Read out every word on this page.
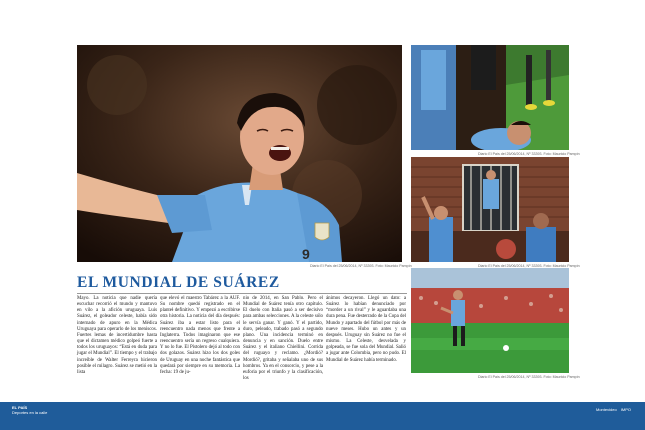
9
Diario El País del 25/06/2014, Nº 33393. Foto: Mauricio Pampín
EL MUNDIAL DE SUÁREZ

Mayo. La noticia que nadie quería escuchar recorrió el mundo y mantuvo en vilo a la afición uruguaya. Luis Suárez, el goleador celeste, había sido internado de apuro en la Médica Uruguaya para operarlo de los meniscos. Fuertes lemas de incertidumbre hasta que el dictamen médico golpeó fuerte a todos los uruguayos: “Está en duda para jugar el Mundial”. El tiempo y el trabajo increíble de Walter Ferreyra hicieron posible el milagro. Suárez se metió en la lista

que elevó el maestro Tabárez a la AUF. Su nombre quedó registrado en el planteł definitivo. Y empezó a escribirse otra historia. La noticia del día después: Suárez iba a estar listo para el reencuentro nada menos que frente a Inglaterra. Todos imaginaron que ese reencuentro sería un regreso cualquiera. Y no lo fue. El Pistolero dejó al todo con dos golazos. Suárez hizo los dos goles de Uruguay en una noche fantástica que quedará por siempre en su memoria. La fecha: 19 de ju-

nio de 2014, en San Pablo. Pero el Mundial de Suárez tenía otro capítulo. El duelo con Italia pasó a ser decisivo para ambas selecciones. A la celeste sólo le servía ganar. Y ganó. Y el partido, duro, peleado, trabado pasó a segundo plano. Una incidencia terminó en denuncia y en sanción. Duelo entre Suárez y el italiano Chiellini. Corrida del ruguayo y reclamo. ¿Mordió? Mordió?, gritaba y señalaba uno de sus hombros. Ya en el consorcio, y pese a la euforia por el triunfo y la clasificación, los

ánimos decayeron. Llegó un dato: a Suárez lo habían denunciado por “morder a un rival” y le aguardaba una dura pena. Fue desterrado de la Copa del Mundo y apartado del fútbol por más de nueve meses. Hubo un antes y un después. Uruguay sin Suárez no fue el mismo. La Celeste, desvelada y golpeada, se fue sola del Mundial. Salió a jugar ante Colombia, pero no pudo. El Mundial de Suárez había terminado.

Diario El País del 25/06/2014, Nº 33393. Foto: Mauricio Pampín
Diario El País del 25/06/2014, Nº 33393. Foto: Mauricio Pampín
Diario El País del 25/06/2014, Nº 33393. Foto: Mauricio Pampín
EL PAÍS
Deportes en la calle
Montevideo IMPO
